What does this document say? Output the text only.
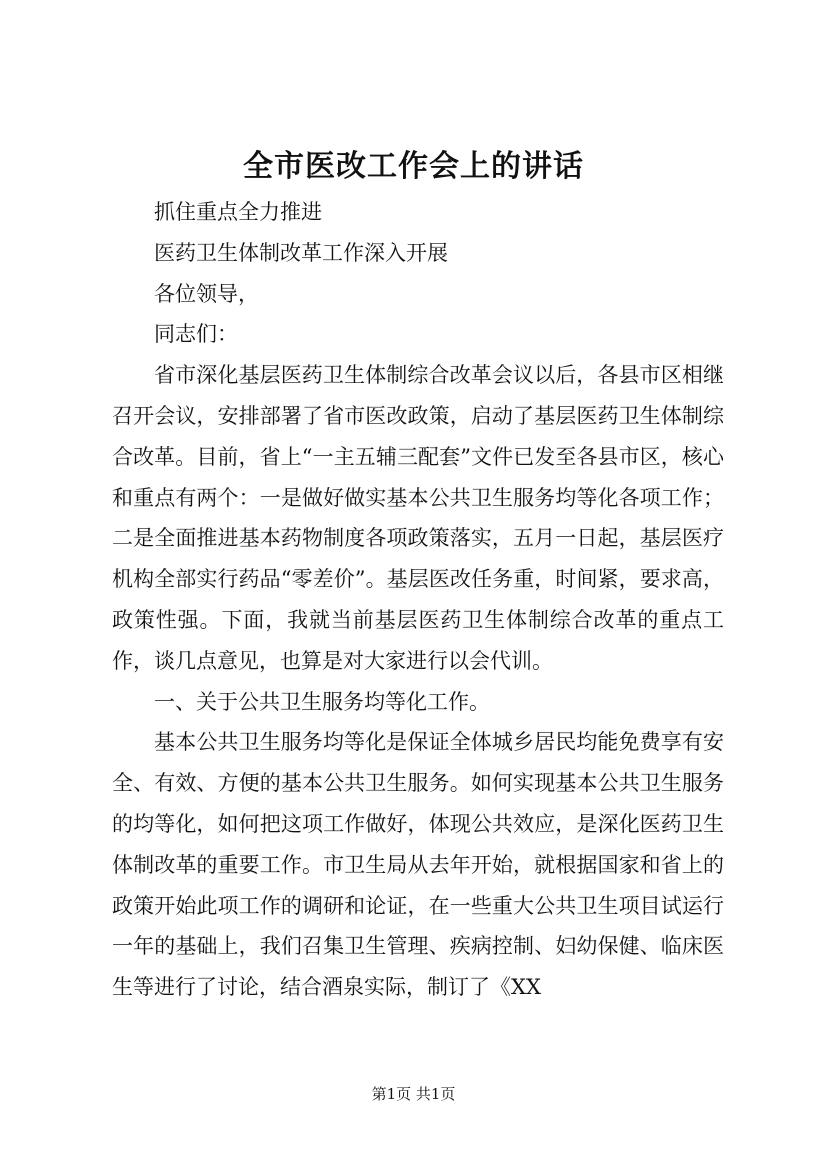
全市医改工作会上的讲话

抓住重点全力推进

医药卫生体制改革工作深入开展

各位领导，

同志们：

省市深化基层医药卫生体制综合改革会议以后，各县市区相继召开会议，安排部署了省市医改政策，启动了基层医药卫生体制综合改革。目前，省上“一主五辅三配套”文件已发至各县市区，核心和重点有两个：一是做好做实基本公共卫生服务均等化各项工作；二是全面推进基本药物制度各项政策落实，五月一日起，基层医疗机构全部实行药品“零差价”。基层医改任务重，时间紧，要求高，政策性强。下面，我就当前基层医药卫生体制综合改革的重点工作，谈几点意见，也算是对大家进行以会代训。

一、关于公共卫生服务均等化工作。

基本公共卫生服务均等化是保证全体城乡居民均能免费享有安全、有效、方便的基本公共卫生服务。如何实现基本公共卫生服务的均等化，如何把这项工作做好，体现公共效应，是深化医药卫生体制改革的重要工作。市卫生局从去年开始，就根据国家和省上的政策开始此项工作的调研和论证，在一些重大公共卫生项目试运行一年的基础上，我们召集卫生管理、疾病控制、妇幼保健、临床医生等进行了讨论，结合酒泉实际，制订了《XX

第1页 共1页
